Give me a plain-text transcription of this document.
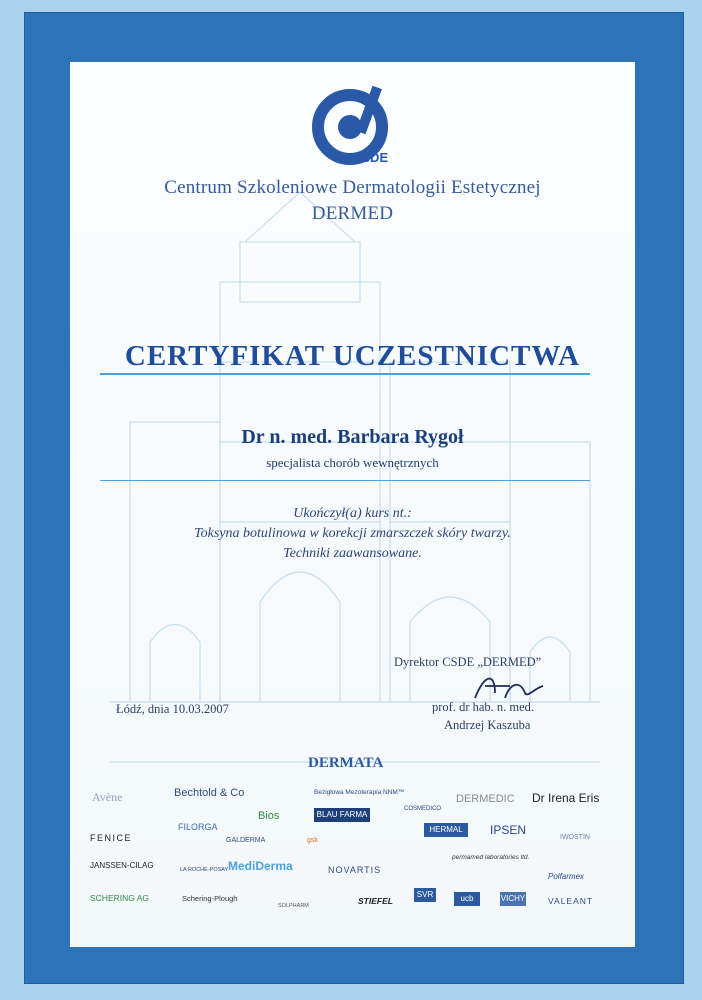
CSDE
Centrum Szkoleniowe Dermatologii Estetycznej
DERMED
CERTYFIKAT UCZESTNICTWA
Dr n. med. Barbara Rygoł
specjalista chorób wewnętrznych
Ukończył(a) kurs nt.:
Toksyna botulinowa w korekcji zmarszczek skóry twarzy.
Techniki zaawansowane.
Dyrektor CSDE „DERMED”
Łódź, dnia 10.03.2007	prof. dr hab. n. med.
Andrzej Kaszuba
DERMATA
Avène	Bechtold & Co
Bios
Bezigłowa Mezoterapia NNM™
BLAU FARMA
COSMEDICO
DERMEDIC Dr Irena Eris
FENICE
FILORGA
GALDERMA	gsk
HERMAL	IPSEN
IWOSTIN
JANSSEN-CILAG	LA ROCHE-POSAY MediDerma	NOVARTIS
permamed laboratories ltd.
Polfarmex
SCHERING AG	Schering-Plough
SOLPHARM	STIEFEL
SVR	ucb	VICHY	VALEANT
